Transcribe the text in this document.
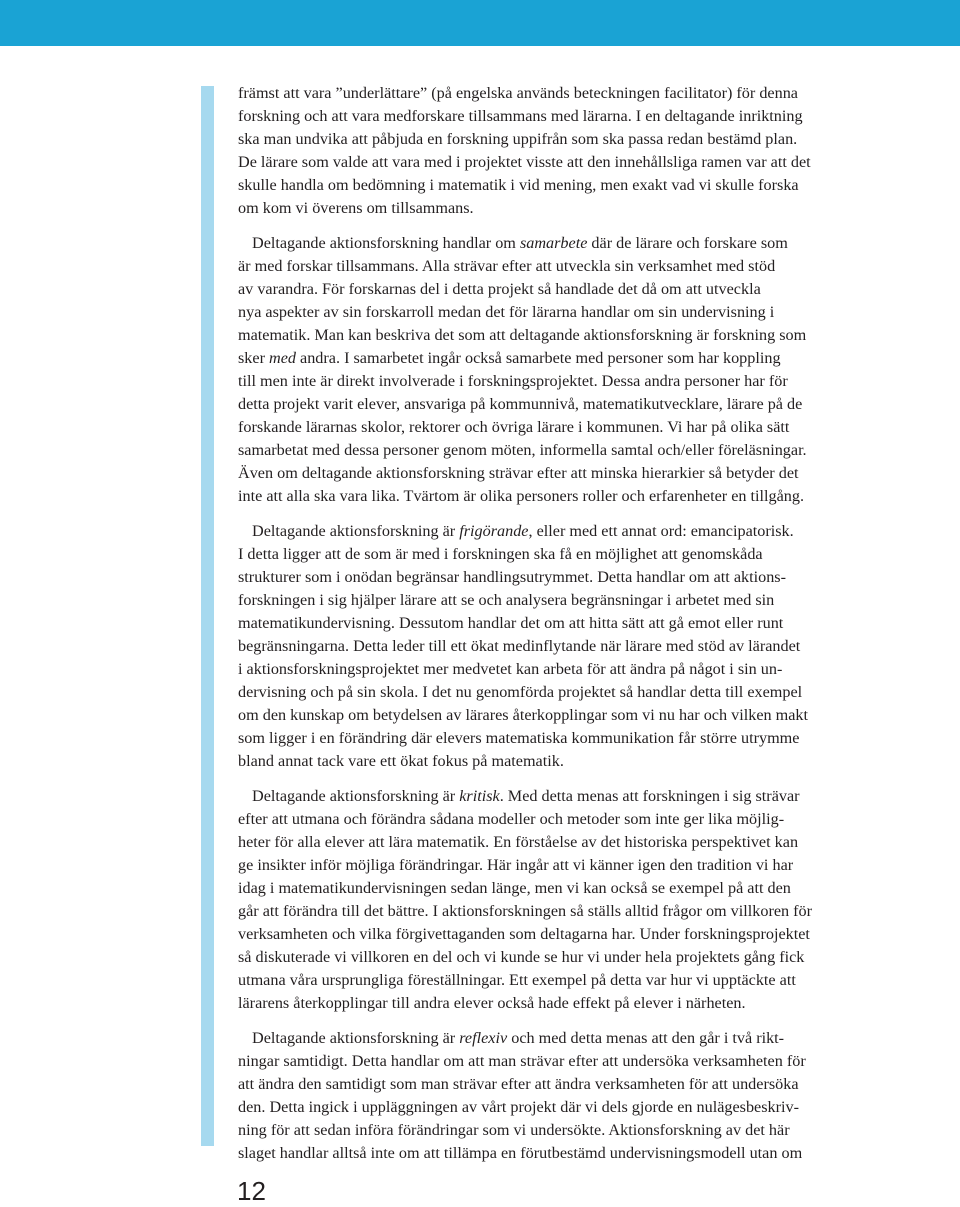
främst att vara ”underlättare” (på engelska används beteckningen facilitator) för denna
forskning och att vara medforskare tillsammans med lärarna. I en deltagande inriktning
ska man undvika att påbjuda en forskning uppifrån som ska passa redan bestämd plan.
De lärare som valde att vara med i projektet visste att den innehållsliga ramen var att det
skulle handla om bedömning i matematik i vid mening, men exakt vad vi skulle forska
om kom vi överens om tillsammans.

Deltagande aktionsforskning handlar om samarbete där de lärare och forskare som
är med forskar tillsammans. Alla strävar efter att utveckla sin verksamhet med stöd
av varandra. För forskarnas del i detta projekt så handlade det då om att utveckla
nya aspekter av sin forskarroll medan det för lärarna handlar om sin undervisning i
matematik. Man kan beskriva det som att deltagande aktionsforskning är forskning som
sker med andra. I samarbetet ingår också samarbete med personer som har koppling
till men inte är direkt involverade i forskningsprojektet. Dessa andra personer har för
detta projekt varit elever, ansvariga på kommunnivå, matematikutvecklare, lärare på de
forskande lärarnas skolor, rektorer och övriga lärare i kommunen. Vi har på olika sätt
samarbetat med dessa personer genom möten, informella samtal och/eller föreläsningar.
Även om deltagande aktionsforskning strävar efter att minska hierarkier så betyder det
inte att alla ska vara lika. Tvärtom är olika personers roller och erfarenheter en tillgång.

Deltagande aktionsforskning är frigörande, eller med ett annat ord: emancipatorisk.
I detta ligger att de som är med i forskningen ska få en möjlighet att genomskåda
strukturer som i onödan begränsar handlingsutrymmet. Detta handlar om att aktions-
forskningen i sig hjälper lärare att se och analysera begränsningar i arbetet med sin
matematikundervisning. Dessutom handlar det om att hitta sätt att gå emot eller runt
begränsningarna. Detta leder till ett ökat medinflytande när lärare med stöd av lärandet
i aktionsforskningsprojektet mer medvetet kan arbeta för att ändra på något i sin un-
dervisning och på sin skola. I det nu genomförda projektet så handlar detta till exempel
om den kunskap om betydelsen av lärares återkopplingar som vi nu har och vilken makt
som ligger i en förändring där elevers matematiska kommunikation får större utrymme
bland annat tack vare ett ökat fokus på matematik.

Deltagande aktionsforskning är kritisk. Med detta menas att forskningen i sig strävar
efter att utmana och förändra sådana modeller och metoder som inte ger lika möjlig-
heter för alla elever att lära matematik. En förståelse av det historiska perspektivet kan
ge insikter inför möjliga förändringar. Här ingår att vi känner igen den tradition vi har
idag i matematikundervisningen sedan länge, men vi kan också se exempel på att den
går att förändra till det bättre. I aktionsforskningen så ställs alltid frågor om villkoren för
verksamheten och vilka förgivettaganden som deltagarna har. Under forskningsprojektet
så diskuterade vi villkoren en del och vi kunde se hur vi under hela projektets gång fick
utmana våra ursprungliga föreställningar. Ett exempel på detta var hur vi upptäckte att
lärarens återkopplingar till andra elever också hade effekt på elever i närheten.

Deltagande aktionsforskning är reflexiv och med detta menas att den går i två rikt-
ningar samtidigt. Detta handlar om att man strävar efter att undersöka verksamheten för
att ändra den samtidigt som man strävar efter att ändra verksamheten för att undersöka
den. Detta ingick i uppläggningen av vårt projekt där vi dels gjorde en nulägesbeskriv-
ning för att sedan införa förändringar som vi undersökte. Aktionsforskning av det här
slaget handlar alltså inte om att tillämpa en förutbestämd undervisningsmodell utan om

12
